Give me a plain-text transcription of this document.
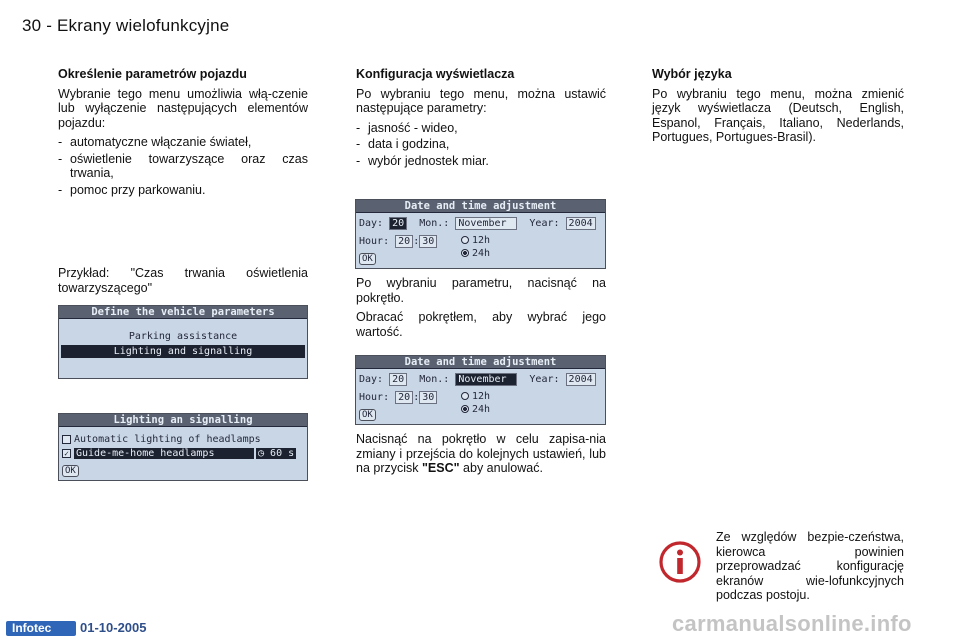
30 - Ekrany wielofunkcyjne
Określenie parametrów pojazdu

Wybranie tego menu umożliwia włą-czenie lub wyłączenie następujących elementów pojazdu:

- automatyczne włączanie świateł,
- oświetlenie towarzyszące oraz czas trwania,
- pomoc przy parkowaniu.
Przykład: "Czas trwania oświetlenia towarzyszącego"
Define the vehicle parameters
Parking assistance
Lighting and signalling
Lighting an signalling
Automatic lighting of headlamps
✓ Guide-me-home headlamps	◷ 60 s
OK
Konfiguracja wyświetlacza

Po wybraniu tego menu, można ustawić następujące parametry:

- jasność - wideo,
- data i godzina,
- wybór jednostek miar.
Date and time adjustment
Day: 20 Mon.: November Year: 2004
Hour: 20 : 30	12h
24h
OK

Po wybraniu parametru, nacisnąć na pokrętło.

Obracać pokrętłem, aby wybrać jego wartość.

Date and time adjustment
Day: 20 Mon.: November Year: 2004
Hour: 20 : 30	12h
24h
OK

Nacisnąć na pokrętło w celu zapisa-nia zmiany i przejścia do kolejnych ustawień, lub na przycisk "ESC" aby anulować.

Wybór języka

Po wybraniu tego menu, można zmienić język wyświetlacza (Deutsch, English, Espanol, Français, Italiano, Nederlands, Portugues, Portugues-Brasil).

Ze względów bezpie-czeństwa, kierowca powinien przeprowadzać konfigurację ekranów wie-lofunkcyjnych podczas postoju.
Infotec	01-10-2005	carmanualsonline.info
